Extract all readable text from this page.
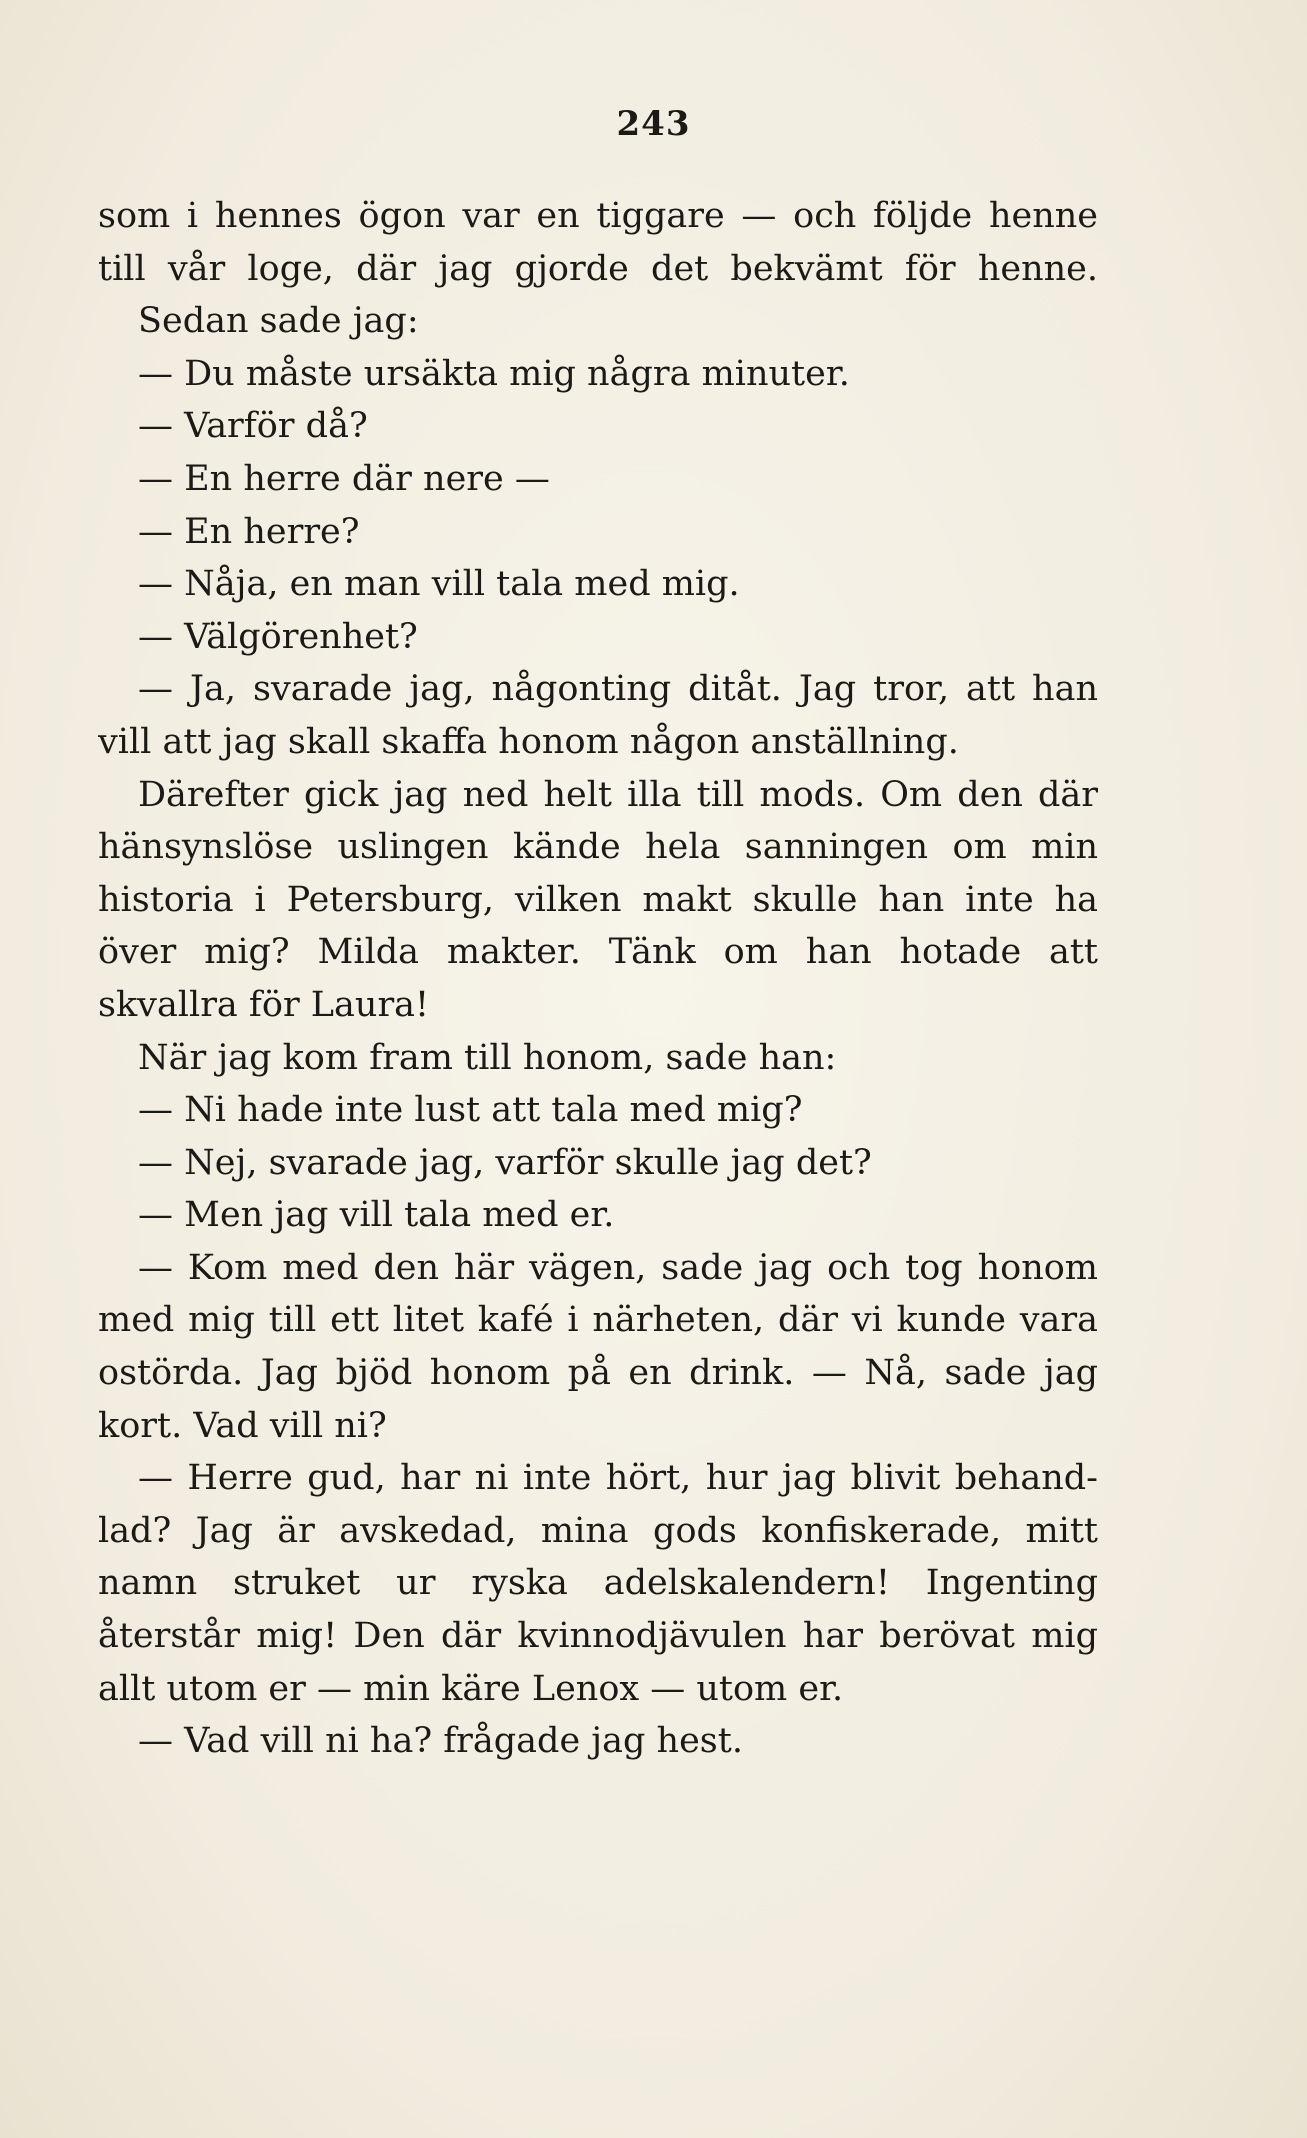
243
som i hennes ögon var en tiggare — och följde henne
till vår loge, där jag gjorde det bekvämt för henne.
Sedan sade jag:
— Du måste ursäkta mig några minuter.
— Varför då?
— En herre där nere —
— En herre?
— Nåja, en man vill tala med mig.
— Välgörenhet?
— Ja, svarade jag, någonting ditåt. Jag tror, att han
vill att jag skall skaffa honom någon anställning.
Därefter gick jag ned helt illa till mods. Om den där
hänsynslöse uslingen kände hela sanningen om min
historia i Petersburg, vilken makt skulle han inte ha
över mig? Milda makter. Tänk om han hotade att
skvallra för Laura!
När jag kom fram till honom, sade han:
— Ni hade inte lust att tala med mig?
— Nej, svarade jag, varför skulle jag det?
— Men jag vill tala med er.
— Kom med den här vägen, sade jag och tog honom
med mig till ett litet kafé i närheten, där vi kunde vara
ostörda. Jag bjöd honom på en drink. — Nå, sade jag
kort. Vad vill ni?
— Herre gud, har ni inte hört, hur jag blivit behand-
lad? Jag är avskedad, mina gods konfiskerade, mitt
namn struket ur ryska adelskalendern! Ingenting
återstår mig! Den där kvinnodjävulen har berövat mig
allt utom er — min käre Lenox — utom er.
— Vad vill ni ha? frågade jag hest.
